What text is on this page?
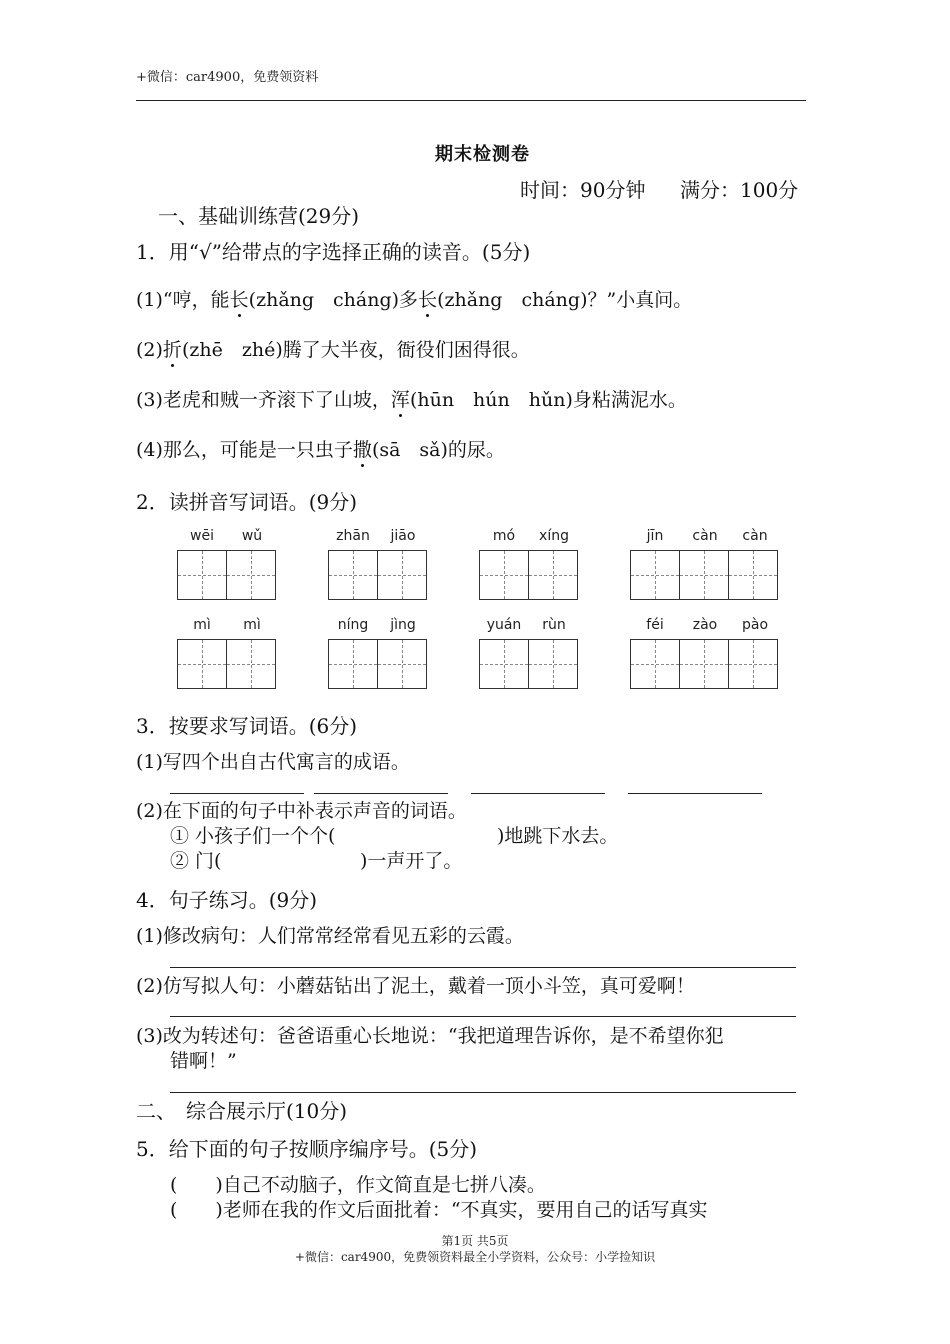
+微信：car4900，免费领资料
期末检测卷
时间：90分钟 满分：100分
一、基础训练营(29分)
1．用“√”给带点的字选择正确的读音。(5分)
(1)“哼，能长(zhǎng　cháng)多长(zhǎng　cháng)？”小真问。
(2)折(zhē　zhé)腾了大半夜，衙役们困得很。
(3)老虎和贼一齐滚下了山坡，浑(hūn　hún　hǔn)身粘满泥水。
(4)那么，可能是一只虫子撒(sā　sǎ)的尿。
2．读拼音写词语。(9分)
wēi	wǔ	zhān	jiāo	mó	xíng	jīn	càn	càn
mì	mì	níng	jìng	yuán	rùn	féi	zào	pào
3．按要求写词语。(6分)
(1)写四个出自古代寓言的成语。
(2)在下面的句子中补表示声音的词语。
① 小孩子们一个个(	)地跳下水去。
② 门(	)一声开了。
4．句子练习。(9分)
(1)修改病句：人们常常经常看见五彩的云霞。
(2)仿写拟人句：小蘑菇钻出了泥土，戴着一顶小斗笠，真可爱啊！
(3)改为转述句：爸爸语重心长地说：“我把道理告诉你，是不希望你犯
错啊！”
二、　综合展示厅(10分)
5．给下面的句子按顺序编序号。(5分)
(　　)自己不动脑子，作文简直是七拼八凑。
(　　)老师在我的作文后面批着：“不真实，要用自己的话写真实
第1页 共5页
+微信：car4900，免费领资料最全小学资料，公众号：小学捡知识
